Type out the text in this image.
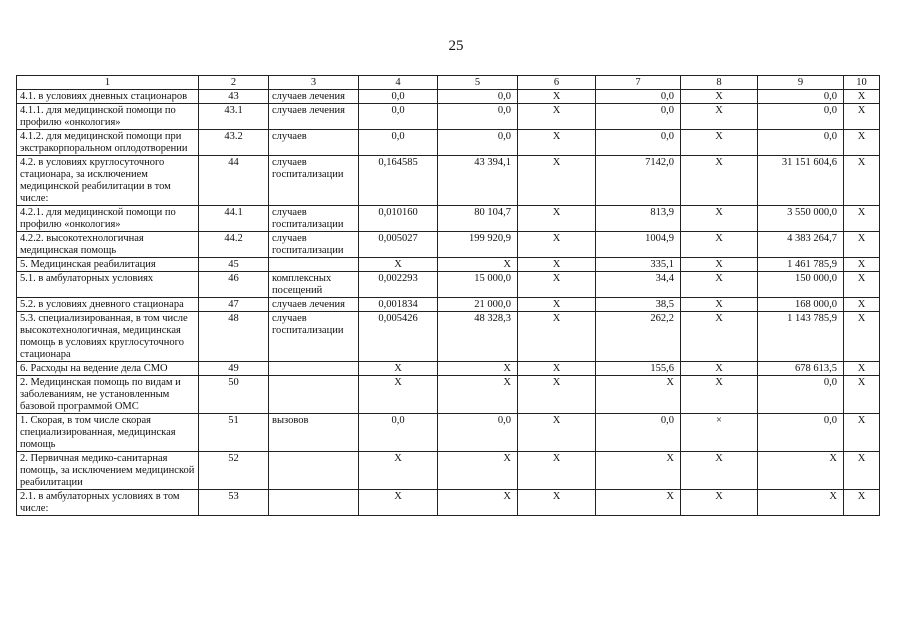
25
1	2	3	4	5	6	7	8	9	10
4.1. в условиях дневных стационаров	43	случаев лечения	0,0	0,0	Х	0,0	Х	0,0	Х
4.1.1. для медицинской помощи по профилю «онкология»	43.1	случаев лечения	0,0	0,0	Х	0,0	Х	0,0	Х
4.1.2. для медицинской помощи при экстракорпоральном оплодотворении	43.2	случаев	0,0	0,0	Х	0,0	Х	0,0	Х
4.2. в условиях круглосуточного стационара, за исключением медицинской реабилитации в том числе:	44	случаев госпитализации	0,164585	43 394,1	Х	7142,0	Х	31 151 604,6	Х
4.2.1. для медицинской помощи по профилю «онкология»	44.1	случаев госпитализации	0,010160	80 104,7	Х	813,9	Х	3 550 000,0	Х
4.2.2. высокотехнологичная медицинская помощь	44.2	случаев госпитализации	0,005027	199 920,9	Х	1004,9	Х	4 383 264,7	Х
5. Медицинская реабилитация	45		Х	Х	Х	335,1	Х	1 461 785,9	Х
5.1. в амбулаторных условиях	46	комплексных посещений	0,002293	15 000,0	Х	34,4	Х	150 000,0	Х
5.2. в условиях дневного стационара	47	случаев лечения	0,001834	21 000,0	Х	38,5	Х	168 000,0	Х
5.3. специализированная, в том числе высокотехнологичная, медицинская помощь в условиях круглосуточного стационара	48	случаев госпитализации	0,005426	48 328,3	Х	262,2	Х	1 143 785,9	Х
6. Расходы на ведение дела СМО	49		Х	Х	Х	155,6	Х	678 613,5	Х
2. Медицинская помощь по видам и заболеваниям, не установленным базовой программой ОМС	50		Х	Х	Х	Х	Х	0,0	Х
1. Скорая, в том числе скорая специализированная, медицинская помощь	51	вызовов	0,0	0,0	Х	0,0	×	0,0	Х
2. Первичная медико-санитарная помощь, за исключением медицинской реабилитации	52		Х	Х	Х	Х	Х	Х	Х
2.1. в амбулаторных условиях в том числе:	53		Х	Х	Х	Х	Х	Х	Х
